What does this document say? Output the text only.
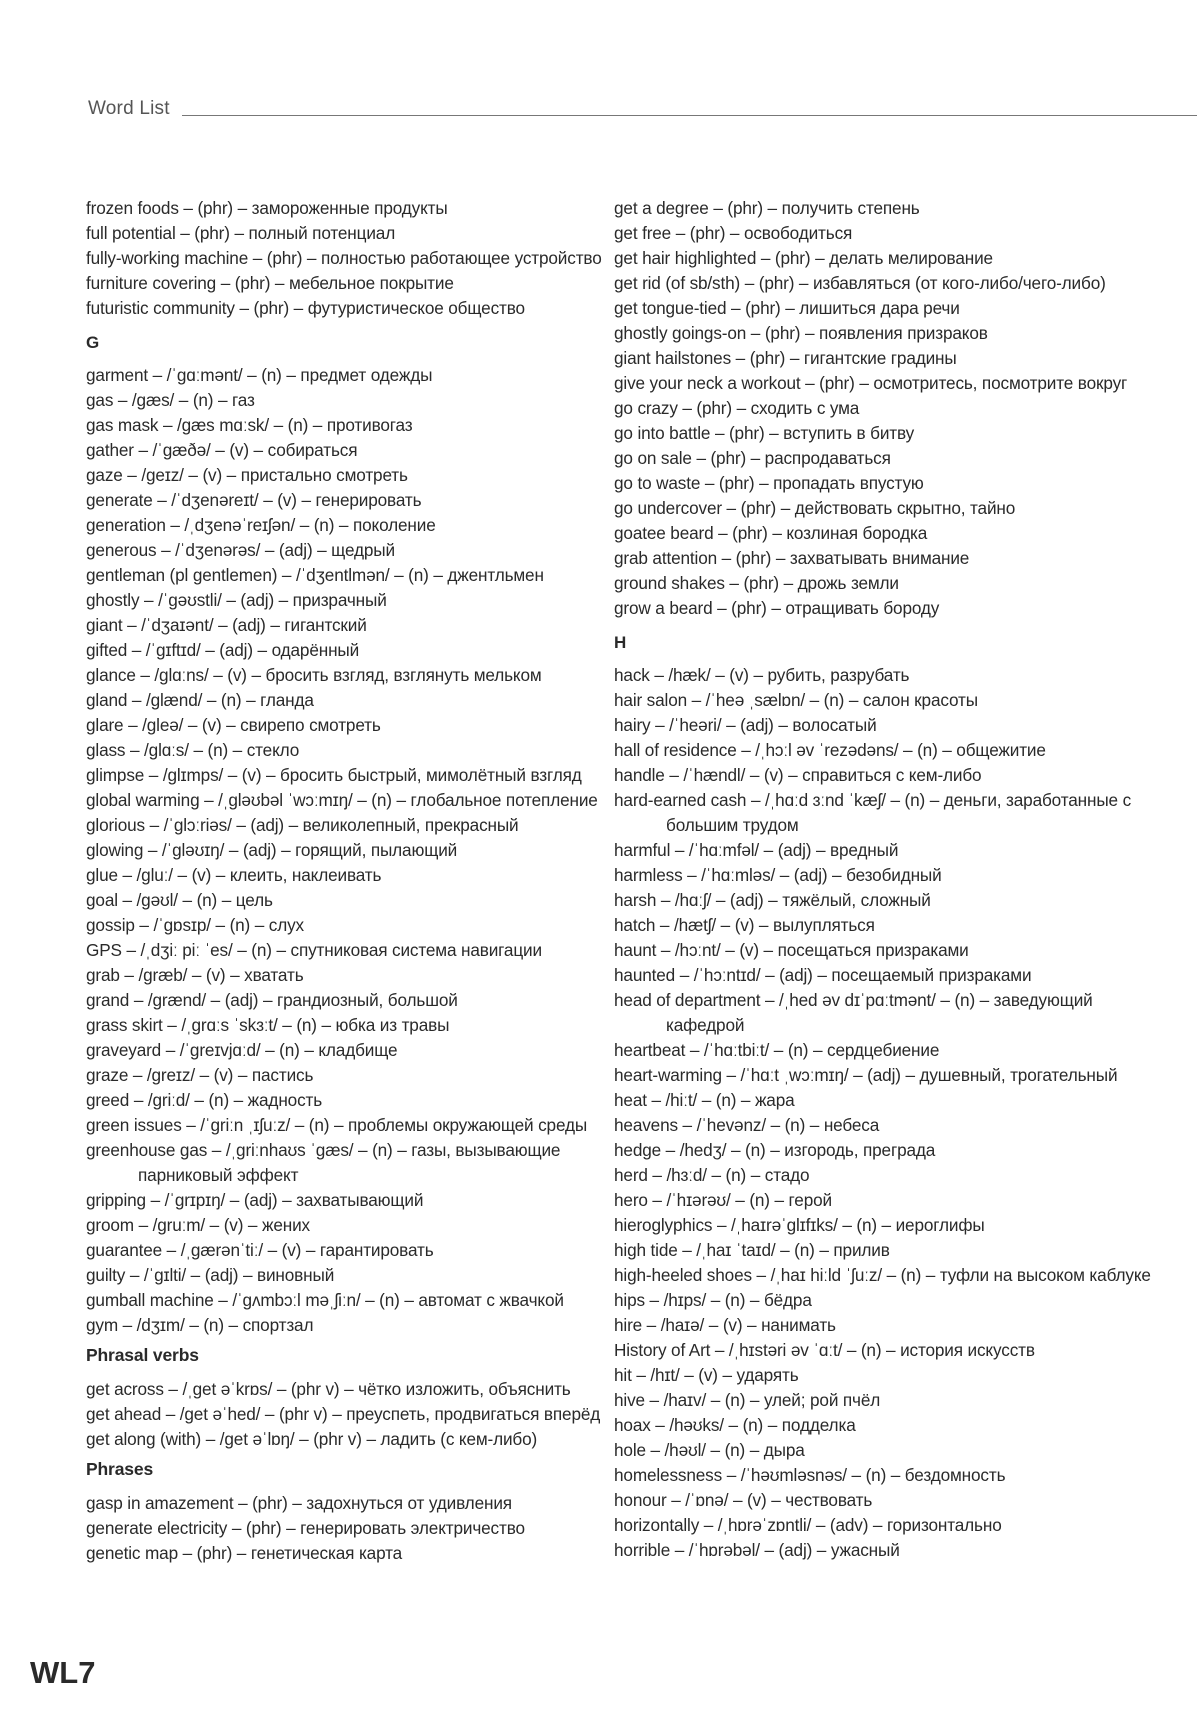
Word List
frozen foods – (phr) – замороженные продукты
full potential – (phr) – полный потенциал
fully-working machine – (phr) – полностью работающее устройство
furniture covering – (phr) – мебельное покрытие
futuristic community – (phr) – футуристическое общество
G
garment – /ˈɡɑːmənt/ – (n) – предмет одежды
gas – /ɡæs/ – (n) – газ
gas mask – /ɡæs mɑːsk/ – (n) – противогаз
gather – /ˈɡæðə/ – (v) – собираться
gaze – /ɡeɪz/ – (v) – пристально смотреть
generate – /ˈdʒenəreɪt/ – (v) – генерировать
generation – /ˌdʒenəˈreɪʃən/ – (n) – поколение
generous – /ˈdʒenərəs/ – (adj) – щедрый
gentleman (pl gentlemen) – /ˈdʒentlmən/ – (n) – джентльмен
ghostly – /ˈɡəʊstli/ – (adj) – призрачный
giant – /ˈdʒaɪənt/ – (adj) – гигантский
gifted – /ˈɡɪftɪd/ – (adj) – одарённый
glance – /ɡlɑːns/ – (v) – бросить взгляд, взглянуть мельком
gland – /ɡlænd/ – (n) – гланда
glare – /ɡleə/ – (v) – свирепо смотреть
glass – /ɡlɑːs/ – (n) – стекло
glimpse – /ɡlɪmps/ – (v) – бросить быстрый, мимолётный взгляд
global warming – /ˌɡləʊbəl ˈwɔːmɪŋ/ – (n) – глобальное потепление
glorious – /ˈɡlɔːriəs/ – (adj) – великолепный, прекрасный
glowing – /ˈɡləʊɪŋ/ – (adj) – горящий, пылающий
glue – /ɡluː/ – (v) – клеить, наклеивать
goal – /ɡəʊl/ – (n) – цель
gossip – /ˈɡɒsɪp/ – (n) – слух
GPS – /ˌdʒiː piː ˈes/ – (n) – спутниковая система навигации
grab – /ɡræb/ – (v) – хватать
grand – /ɡrænd/ – (adj) – грандиозный, большой
grass skirt – /ˌɡrɑːs ˈskɜːt/ – (n) – юбка из травы
graveyard – /ˈɡreɪvjɑːd/ – (n) – кладбище
graze – /ɡreɪz/ – (v) – пастись
greed – /ɡriːd/ – (n) – жадность
green issues – /ˈɡriːn ˌɪʃuːz/ – (n) – проблемы окружающей среды
greenhouse gas – /ˌɡriːnhaʊs ˈɡæs/ – (n) – газы, вызывающие парниковый эффект
gripping – /ˈɡrɪpɪŋ/ – (adj) – захватывающий
groom – /ɡruːm/ – (v) – жених
guarantee – /ˌɡærənˈtiː/ – (v) – гарантировать
guilty – /ˈɡɪlti/ – (adj) – виновный
gumball machine – /ˈɡʌmbɔːl məˌʃiːn/ – (n) – автомат с жвачкой
gym – /dʒɪm/ – (n) – спортзал
Phrasal verbs
get across – /ˌɡet əˈkrɒs/ – (phr v) – чётко изложить, объяснить
get ahead – /ɡet əˈhed/ – (phr v) – преуспеть, продвигаться вперёд
get along (with) – /ɡet əˈlɒŋ/ – (phr v) – ладить (с кем-либо)
Phrases
gasp in amazement – (phr) – задохнуться от удивления
generate electricity – (phr) – генерировать электричество
genetic map – (phr) – генетическая карта
get a degree – (phr) – получить степень
get free – (phr) – освободиться
get hair highlighted – (phr) – делать мелирование
get rid (of sb/sth) – (phr) – избавляться (от кого-либо/чего-либо)
get tongue-tied – (phr) – лишиться дара речи
ghostly goings-on – (phr) – появления призраков
giant hailstones – (phr) – гигантские градины
give your neck a workout – (phr) – осмотритесь, посмотрите вокруг
go crazy – (phr) – сходить с ума
go into battle – (phr) – вступить в битву
go on sale – (phr) – распродаваться
go to waste – (phr) – пропадать впустую
go undercover – (phr) – действовать скрытно, тайно
goatee beard – (phr) – козлиная бородка
grab attention – (phr) – захватывать внимание
ground shakes – (phr) – дрожь земли
grow a beard – (phr) – отращивать бороду
H
hack – /hæk/ – (v) – рубить, разрубать
hair salon – /ˈheə ˌsælɒn/ – (n) – салон красоты
hairy – /ˈheəri/ – (adj) – волосатый
hall of residence – /ˌhɔːl əv ˈrezədəns/ – (n) – общежитие
handle – /ˈhændl/ – (v) – справиться с кем-либо
hard-earned cash – /ˌhɑːd ɜːnd ˈkæʃ/ – (n) – деньги, заработанные с большим трудом
harmful – /ˈhɑːmfəl/ – (adj) – вредный
harmless – /ˈhɑːmləs/ – (adj) – безобидный
harsh – /hɑːʃ/ – (adj) – тяжёлый, сложный
hatch – /hætʃ/ – (v) – вылупляться
haunt – /hɔːnt/ – (v) – посещаться призраками
haunted – /ˈhɔːntɪd/ – (adj) – посещаемый призраками
head of department – /ˌhed əv dɪˈpɑːtmənt/ – (n) – заведующий кафедрой
heartbeat – /ˈhɑːtbiːt/ – (n) – сердцебиение
heart-warming – /ˈhɑːt ˌwɔːmɪŋ/ – (adj) – душевный, трогательный
heat – /hiːt/ – (n) – жара
heavens – /ˈhevənz/ – (n) – небеса
hedge – /hedʒ/ – (n) – изгородь, преграда
herd – /hɜːd/ – (n) – стадо
hero – /ˈhɪərəʊ/ – (n) – герой
hieroglyphics – /ˌhaɪrəˈɡlɪfɪks/ – (n) – иероглифы
high tide – /ˌhaɪ ˈtaɪd/ – (n) – прилив
high-heeled shoes – /ˌhaɪ hiːld ˈʃuːz/ – (n) – туфли на высоком каблуке
hips – /hɪps/ – (n) – бёдра
hire – /haɪə/ – (v) – нанимать
History of Art – /ˌhɪstəri əv ˈɑːt/ – (n) – история искусств
hit – /hɪt/ – (v) – ударять
hive – /haɪv/ – (n) – улей; рой пчёл
hoax – /həʊks/ – (n) – подделка
hole – /həʊl/ – (n) – дыра
homelessness – /ˈhəʊmləsnəs/ – (n) – бездомность
honour – /ˈɒnə/ – (v) – чествовать
horizontally – /ˌhɒrəˈzɒntli/ – (adv) – горизонтально
horrible – /ˈhɒrəbəl/ – (adj) – ужасный
WL7
